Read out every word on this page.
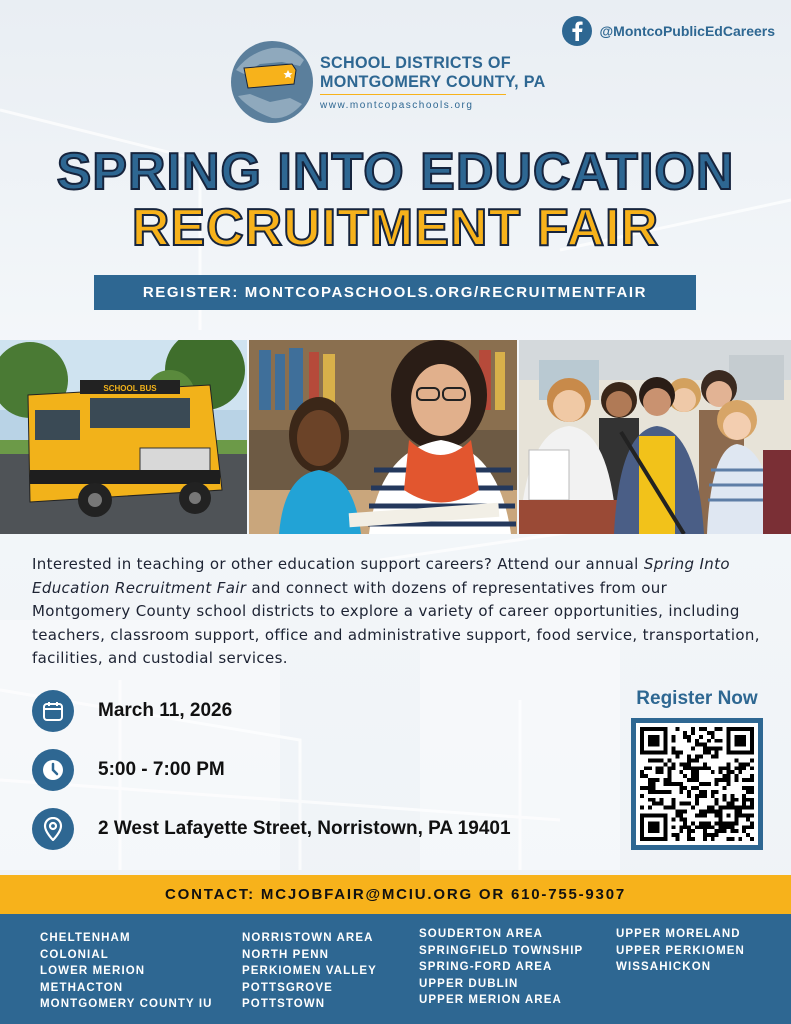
@MontcoPublicEdCareers
SCHOOL DISTRICTS OF
MONTGOMERY COUNTY, PA
www.montcopaschools.org
SPRING INTO EDUCATION
RECRUITMENT FAIR
REGISTER: MONTCOPASCHOOLS.ORG/RECRUITMENTFAIR
SCHOOL BUS

Interested in teaching or other education support careers? Attend our annual Spring Into Education Recruitment Fair and connect with dozens of representatives from our Montgomery County school districts to explore a variety of career opportunities, including teachers, classroom support, office and administrative support, food service, transportation, facilities, and custodial services.

March 11, 2026
5:00 - 7:00 PM
2 West Lafayette Street, Norristown, PA 19401
Register Now
CONTACT: MCJOBFAIR@MCIU.ORG OR 610-755-9307
CHELTENHAM
COLONIAL
LOWER MERION
METHACTON
MONTGOMERY COUNTY IU
NORRISTOWN AREA
NORTH PENN
PERKIOMEN VALLEY
POTTSGROVE
POTTSTOWN
SOUDERTON AREA
SPRINGFIELD TOWNSHIP
SPRING-FORD AREA
UPPER DUBLIN
UPPER MERION AREA
UPPER MORELAND
UPPER PERKIOMEN
WISSAHICKON
